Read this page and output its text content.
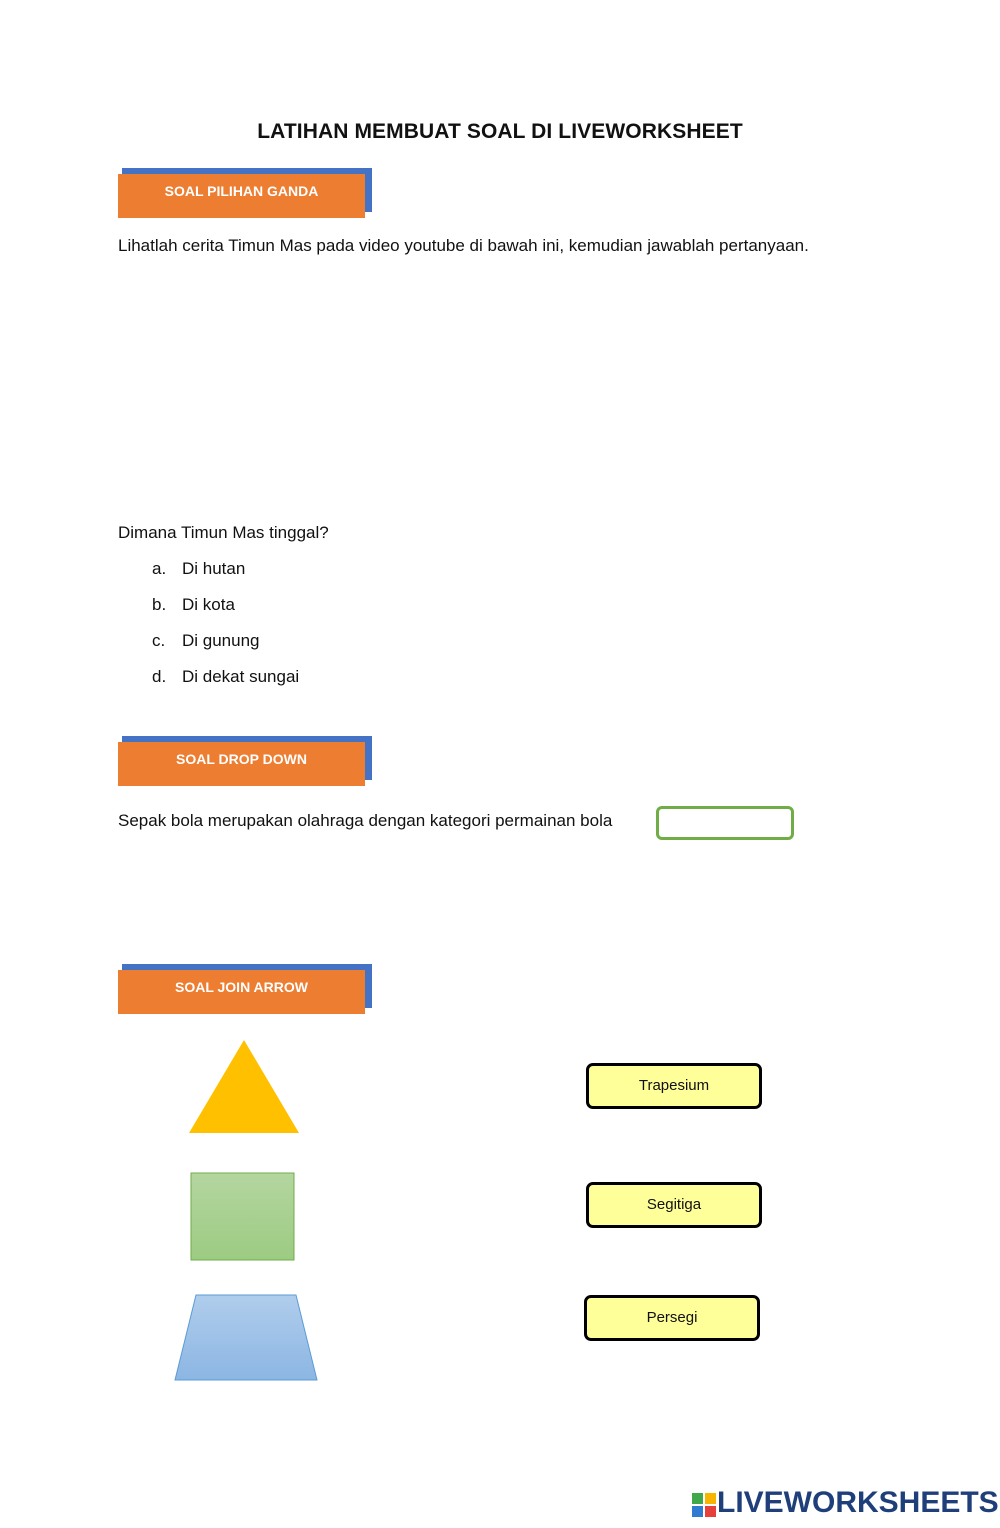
LATIHAN MEMBUAT SOAL DI LIVEWORKSHEET
SOAL PILIHAN GANDA
Lihatlah cerita Timun Mas pada video youtube di bawah ini, kemudian jawablah pertanyaan.
Dimana Timun Mas tinggal?
a. Di hutan
b. Di kota
c. Di gunung
d. Di dekat sungai
SOAL DROP DOWN
Sepak bola merupakan olahraga dengan kategori permainan bola
SOAL JOIN ARROW
Trapesium
Segitiga
Persegi
LIVEWORKSHEETS
